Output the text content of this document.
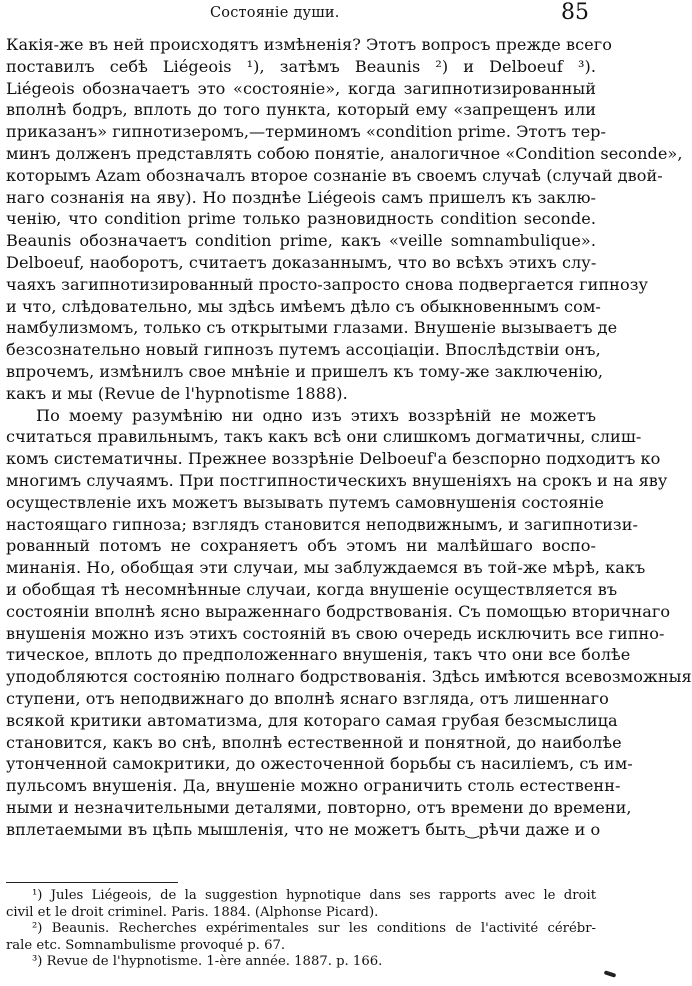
Состояніе души.	85
Какія-же въ ней происходятъ измѣненія? Этотъ вопросъ прежде всего
поставилъ себѣ Liégeois ¹), затѣмъ Beaunis ²) и Delboeuf ³).
Liégeois обозначаетъ это «состояніе», когда загипнотизированный
вполнѣ бодръ, вплоть до того пункта, который ему «запрещенъ или
приказанъ» гипнотизеромъ,—терминомъ «condition prime. Этотъ тер-
минъ долженъ представлять собою понятіе, аналогичное «Condition seconde»,
которымъ Azam обозначалъ второе сознаніе въ своемъ случаѣ (случай двой-
наго сознанія на яву). Но позднѣе Liégeois самъ пришелъ къ заклю-
ченію, что condition prime только разновидность condition seconde.
Beaunis обозначаетъ condition prime, какъ «veille somnambulique».
Delboeuf, наоборотъ, считаетъ доказаннымъ, что во всѣхъ этихъ слу-
чаяхъ загипнотизированный просто-запросто снова подвергается гипнозу
и что, слѣдовательно, мы здѣсь имѣемъ дѣло съ обыкновеннымъ сом-
намбулизмомъ, только съ открытыми глазами. Внушеніе вызываетъ де
безсознательно новый гипнозъ путемъ ассоціаціи. Впослѣдствіи онъ,
впрочемъ, измѣнилъ свое мнѣніе и пришелъ къ тому-же заключенію,
какъ и мы (Revue de l'hypnotisme 1888).
По моему разумѣнію ни одно изъ этихъ воззрѣній не можетъ
считаться правильнымъ, такъ какъ всѣ они слишкомъ догматичны, слиш-
комъ систематичны. Прежнее воззрѣніе Delboeuf'а безспорно подходитъ ко
многимъ случаямъ. При постгипностическихъ внушеніяхъ на срокъ и на яву
осуществленіе ихъ можетъ вызывать путемъ самовнушенія состояніе
настоящаго гипноза; взглядъ становится неподвижнымъ, и загипнотизи-
рованный потомъ не сохраняетъ объ этомъ ни малѣйшаго воспо-
минанія. Но, обобщая эти случаи, мы заблуждаемся въ той-же мѣрѣ, какъ
и обобщая тѣ несомнѣнные случаи, когда внушеніе осуществляется въ
состояніи вполнѣ ясно выраженнаго бодрствованія. Съ помощью вторичнаго
внушенія можно изъ этихъ состояній въ свою очередь исключить все гипно-
тическое, вплоть до предположеннаго внушенія, такъ что они все болѣе
уподобляются состоянію полнаго бодрствованія. Здѣсь имѣются всевозможныя
ступени, отъ неподвижнаго до вполнѣ яснаго взгляда, отъ лишеннаго
всякой критики автоматизма, для котораго самая грубая безсмыслица
становится, какъ во снѣ, вполнѣ естественной и понятной, до наиболѣе
утонченной самокритики, до ожесточенной борьбы съ насиліемъ, съ им-
пульсомъ внушенія. Да, внушеніе можно ограничить столь естественн-
ными и незначительными деталями, повторно, отъ времени до времени,
вплетаемыми въ цѣпь мышленія, что не можетъ быть‿рѣчи даже и о
¹) Jules Liégeois, de la suggestion hypnotique dans ses rapports avec le droit
civil et le droit criminel. Paris. 1884. (Alphonse Picard).
²) Beaunis. Recherches expérimentales sur les conditions de l'activité cérébr-
rale etc. Somnambulisme provoqué p. 67.
³) Revue de l'hypnotisme. 1-ère année. 1887. p. 166.
